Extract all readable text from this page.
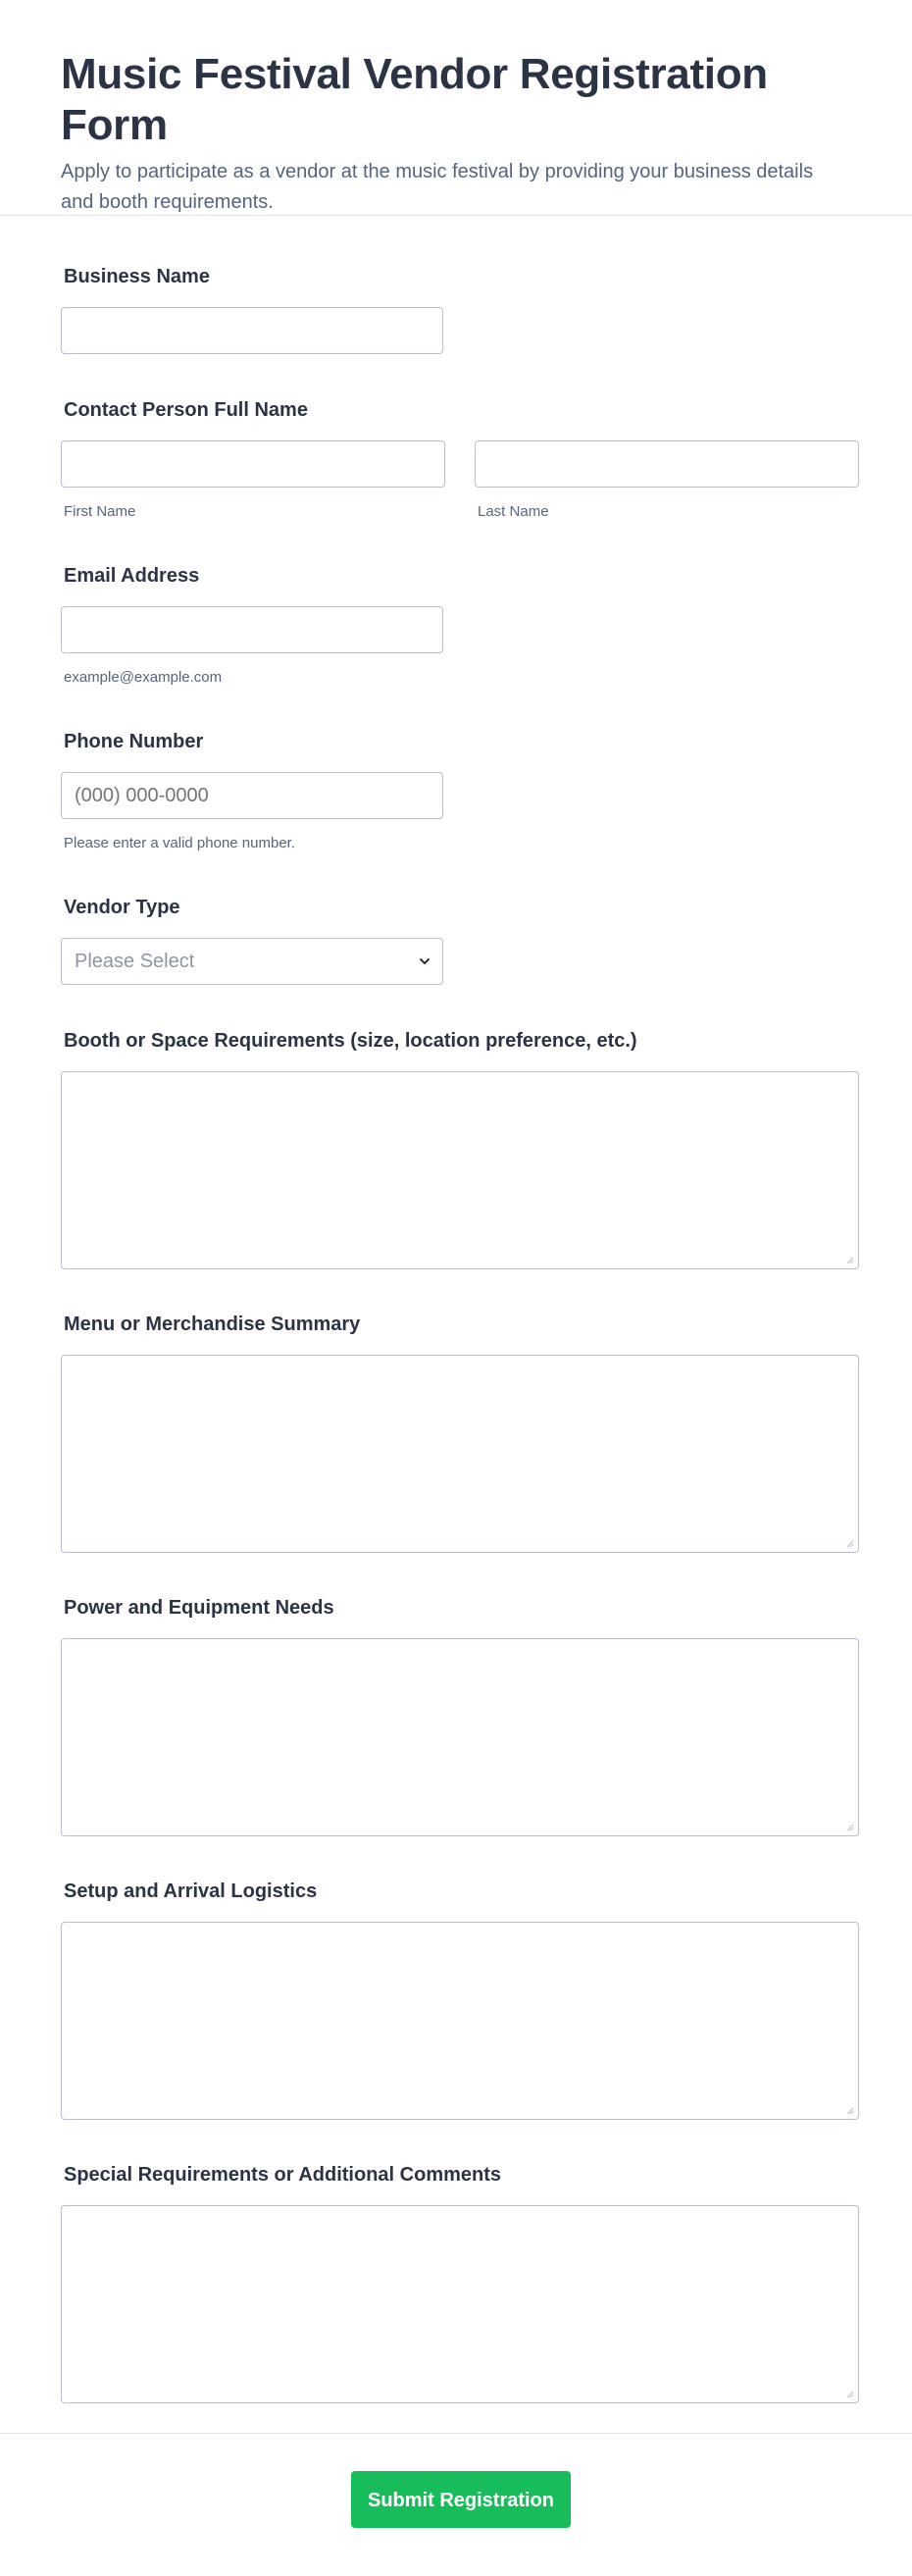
Music Festival Vendor Registration Form
Apply to participate as a vendor at the music festival by providing your business details and booth requirements.
Business Name
Contact Person Full Name
First Name	Last Name
Email Address
example@example.com
Phone Number
(000) 000-0000
Please enter a valid phone number.
Vendor Type
Please Select
Booth or Space Requirements (size, location preference, etc.)
Menu or Merchandise Summary
Power and Equipment Needs
Setup and Arrival Logistics
Special Requirements or Additional Comments
Submit Registration
